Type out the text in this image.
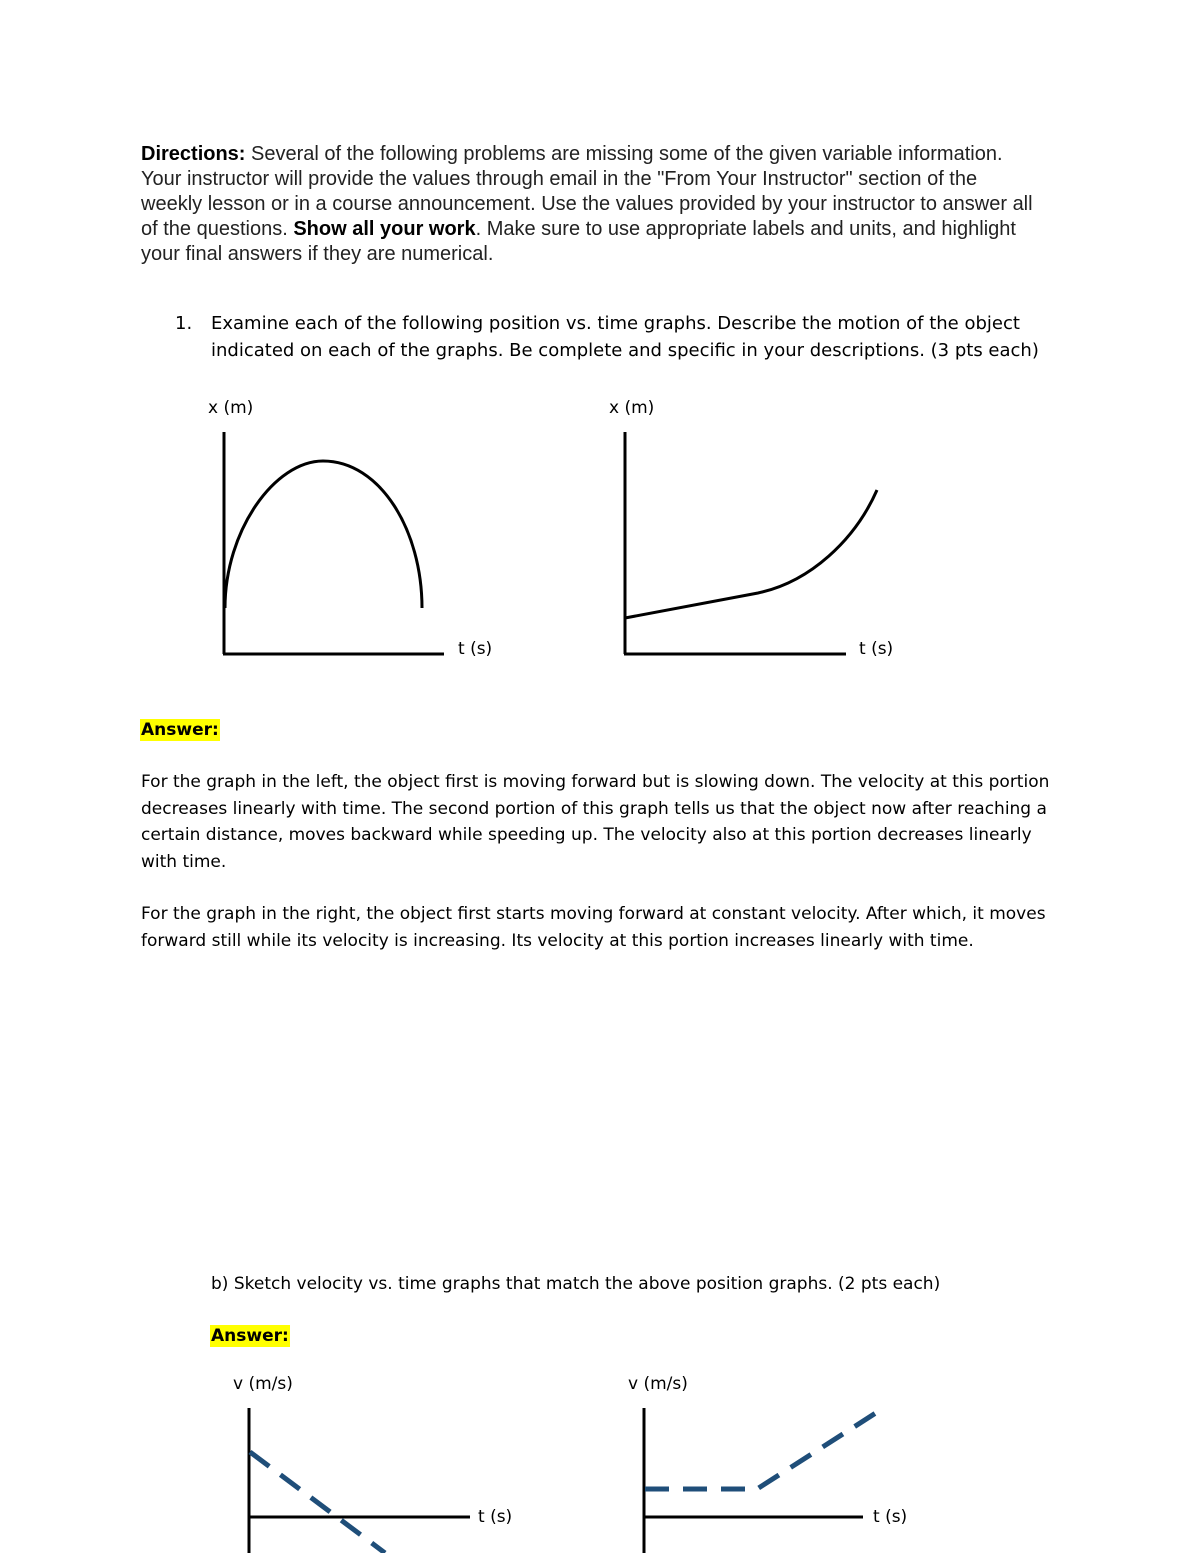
Directions: Several of the following problems are missing some of the given variable information. Your instructor will provide the values through email in the "From Your Instructor" section of the weekly lesson or in a course announcement. Use the values provided by your instructor to answer all of the questions. Show all your work. Make sure to use appropriate labels and units, and highlight your final answers if they are numerical.
1. Examine each of the following position vs. time graphs. Describe the motion of the object indicated on each of the graphs. Be complete and specific in your descriptions. (3 pts each)
x (m)
t (s)
x (m)
t (s)
Answer:
For the graph in the left, the object first is moving forward but is slowing down. The velocity at this portion decreases linearly with time. The second portion of this graph tells us that the object now after reaching a certain distance, moves backward while speeding up. The velocity also at this portion decreases linearly with time.
For the graph in the right, the object first starts moving forward at constant velocity. After which, it moves forward still while its velocity is increasing. Its velocity at this portion increases linearly with time.
b) Sketch velocity vs. time graphs that match the above position graphs. (2 pts each)
Answer:
v (m/s)
t (s)
v (m/s)
t (s)
